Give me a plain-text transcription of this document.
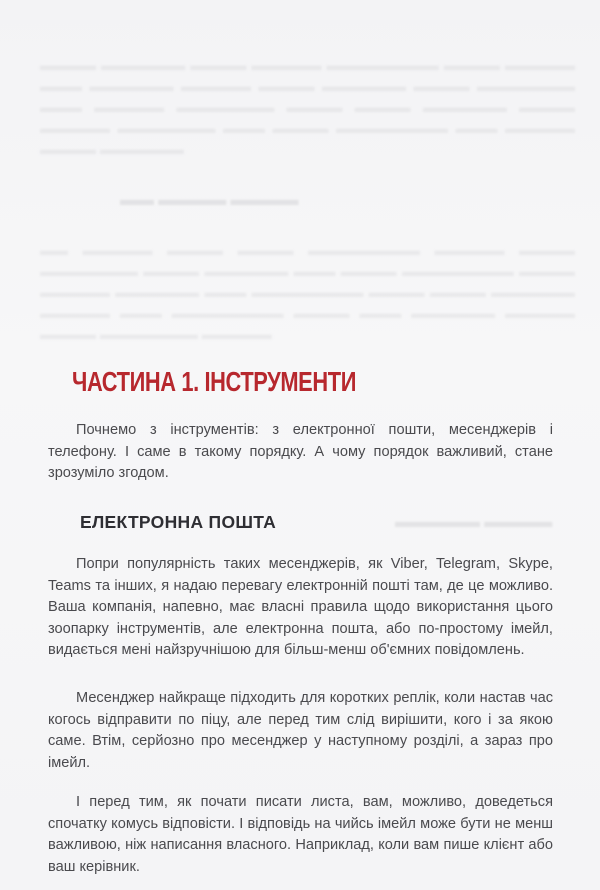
▬▬▬▬ ▬▬▬▬▬▬ ▬▬▬▬ ▬▬▬▬▬ ▬▬▬▬▬▬▬▬ ▬▬▬▬ ▬▬▬▬▬ ▬▬▬ ▬▬▬▬▬▬ ▬▬▬▬▬ ▬▬▬▬ ▬▬▬▬▬▬ ▬▬▬▬ ▬▬▬▬▬▬▬ ▬▬▬ ▬▬▬▬▬ ▬▬▬▬▬▬▬ ▬▬▬▬ ▬▬▬▬ ▬▬▬▬▬▬ ▬▬▬▬ ▬▬▬▬▬ ▬▬▬▬▬▬▬ ▬▬▬ ▬▬▬▬ ▬▬▬▬▬▬▬▬ ▬▬▬ ▬▬▬▬▬ ▬▬▬▬ ▬▬▬▬▬▬
▬▬ ▬▬▬▬ ▬▬▬▬
▬▬ ▬▬▬▬▬ ▬▬▬▬ ▬▬▬▬ ▬▬▬▬▬▬▬▬ ▬▬▬▬▬ ▬▬▬▬ ▬▬▬▬▬▬▬ ▬▬▬▬ ▬▬▬▬▬▬ ▬▬▬ ▬▬▬▬ ▬▬▬▬▬▬▬▬ ▬▬▬▬ ▬▬▬▬▬ ▬▬▬▬▬▬ ▬▬▬ ▬▬▬▬▬▬▬▬ ▬▬▬▬ ▬▬▬▬ ▬▬▬▬▬▬ ▬▬▬▬▬ ▬▬▬ ▬▬▬▬▬▬▬▬ ▬▬▬▬ ▬▬▬ ▬▬▬▬▬▬ ▬▬▬▬▬ ▬▬▬▬ ▬▬▬▬▬▬▬ ▬▬▬▬▬
▬▬▬▬▬ ▬▬▬▬
ЧАСТИНА 1. ІНСТРУМЕНТИ

Почнемо з інструментів: з електронної пошти, месенджерів і телефону. І саме в такому порядку. А чому порядок важливий, стане зрозуміло згодом.

ЕЛЕКТРОННА ПОШТА

Попри популярність таких месенджерів, як Viber, Telegram, Skype, Teams та інших, я надаю перевагу електронній пошті там, де це можливо. Ваша компанія, напевно, має власні правила щодо використання цього зоопарку інструментів, але електронна пошта, або по-простому імейл, видається мені найзручнішою для більш-менш об'ємних повідомлень.

Месенджер найкраще підходить для коротких реплік, коли настав час когось відправити по піцу, але перед тим слід вирішити, кого і за якою саме. Втім, серйозно про месенджер у наступному розділі, а зараз про імейл.

І перед тим, як почати писати листа, вам, можливо, доведеться спочатку комусь відповісти. І відповідь на чийсь імейл може бути не менш важливою, ніж написання власного. Наприклад, коли вам пише клієнт або ваш керівник.
